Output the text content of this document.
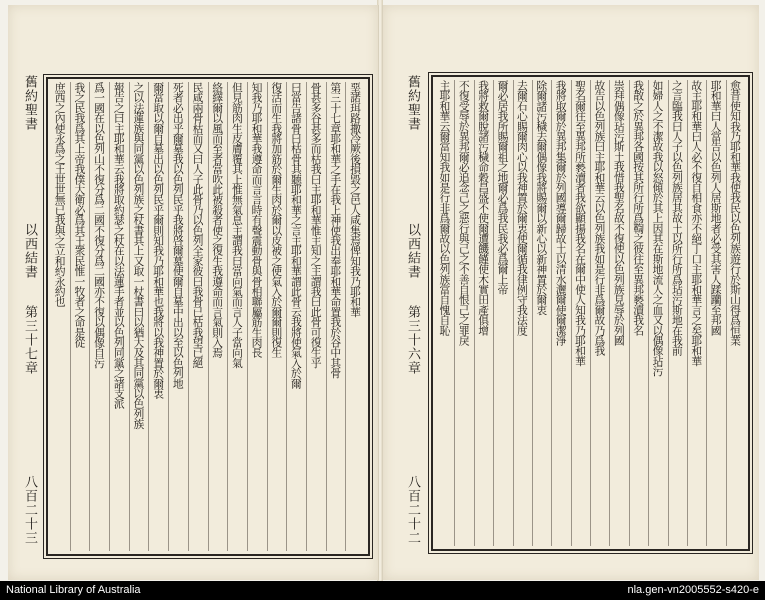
舊約聖書
以西結書
第三十七章
八百二十三
堊諾珥路撒冷厥後損毀之邑人咸集焉俾知我乃耶和華
第三十七章耶和華之手在我上神使我出奉耶和華命置我於谷中其骨
骨甚多谷甚多而枯我曰主耶和華惟主知之主謂我曰此骨可復生乎
曰當告諸骨曰枯骨其聽耶和華之言主耶和華謂此骨云我將使氣入於爾
復活而生我將加筋於爾生肉於爾以皮被之使氣入於爾爾則復生
知我乃耶和華我遵命而言言時有聲震動骨與骨相聯屬筋生肉長
但見筋肉生皮膚覆其上惟無氣息主謂我曰當向氣而言人子當向氣
絡繹爾以風而至者當吹此被殺者使之復生我遵命而言氣則入焉
民咸兩骨枯而又曰人子此骨乃以色列全家彼曰我骨已枯我望已絕
死者必出乎爾墓我以色列民乎我將啓爾墓使爾自墓中出以至以色列地
爾當取以爾自墓出以色列民乎爾則知我乃耶和華也我將以我神置於爾衷
之以法蓮族與同黨以色列族之杖書其上又取一杖書曰以猶大及其同黨以色列族
報告之曰主耶和華云我將取約瑟之杖在以法蓮手者並以色列同黨之諸支派
爲一國在以色列山不復分爲二國不復分爲二國亦不復以偶像自污
我之民我爲其上帝我僕大衛必爲其王衆民惟一牧者之命是從
庶西之內使永爲之王世世無已我與之立和約永約也	舊約聖書
以西結書
第三十六章
八百二十二
愈昔使知我乃耶和華我使我民以色列族遊行於斯山得爲恒業
耶和華曰人當告以色列人居斯地者必受其害人蹂躪至邦國
故主耶和華曰人必不復自相食亦不絕丁口主耶和華言之矣耶和華
之言臨我曰人子以色列族居其故土以所行所爲玷污斯地在我前
如婦人之不潔故我以怒傾於其上因其在斯地流人之血又以偶像玷污
我散之於異邦各國按其所行所爲鞫之彼往至異邦褻瀆我名
崇拜偶像玷污斯土我惜我聖名故不復使以色列族見辱於列國
故告以色列族曰主耶和華云以色列族我如是行非爲爾故乃爲我
聖名爾往至異邦所褻瀆者我欲顯揚我名在爾中使人知我乃耶和華
我將取爾於異邦集爾於列國導爾歸故土以清水灑爾使爾潔淨
除爾諸污穢去爾偶像我將賜爾以新心以新神置於爾衷
去爾石心賜爾肉心以我神置於爾衷使爾循我律例守我法度
爾必居我所賜爾祖之地爾必爲我民我必爲爾上帝
我將救爾脫諸污穢命穀昌盛不使爾遭饑饉使木實田產俱增
不復受辱於異邦爾必追念己之惡行與己之不善自恨己之罪戾
主耶和華云爾當知我如是行非爲爾故以色列族當自愧自恥
National Library of Australia	nla.gen-vn2005552-s420-e
